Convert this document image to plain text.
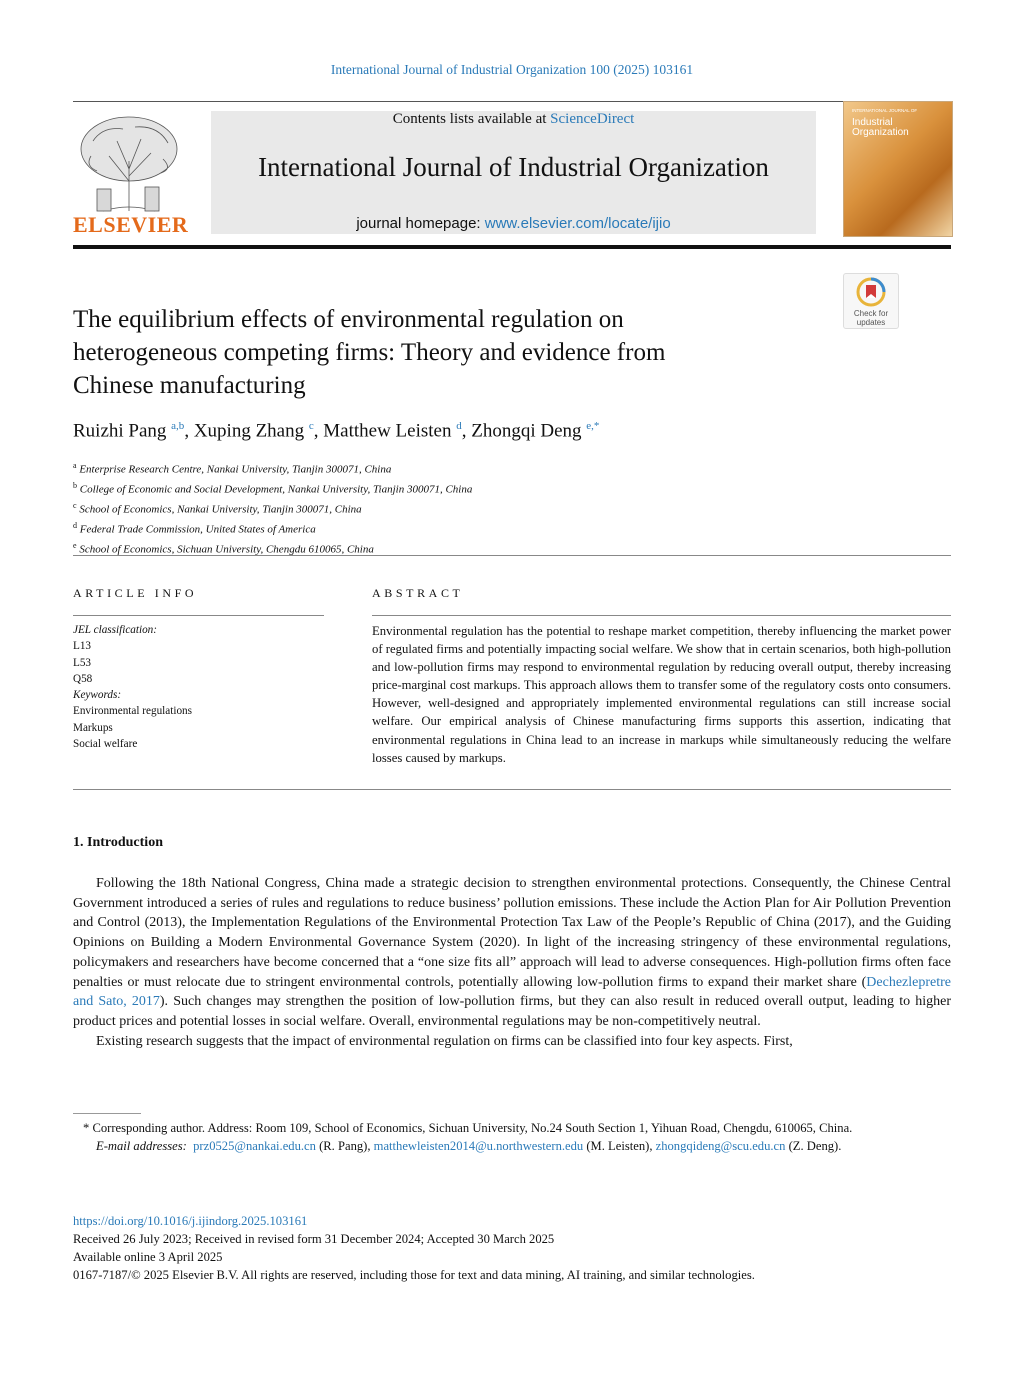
International Journal of Industrial Organization 100 (2025) 103161
ELSEVIER
Contents lists available at ScienceDirect
International Journal of Industrial Organization
journal homepage: www.elsevier.com/locate/ijio
INTERNATIONAL JOURNAL OF
Industrial
Organization
Check for
updates
The equilibrium effects of environmental regulation on
heterogeneous competing firms: Theory and evidence from
Chinese manufacturing
Ruizhi Pang $^{a,b}$, Xuping Zhang $^c$, Matthew Leisten $^d$, Zhongqi Deng $^{e,*}$
$^a$ Enterprise Research Centre, Nankai University, Tianjin 300071, China
$^b$ College of Economic and Social Development, Nankai University, Tianjin 300071, China
$^c$ School of Economics, Nankai University, Tianjin 300071, China
$^d$ Federal Trade Commission, United States of America
$^e$ School of Economics, Sichuan University, Chengdu 610065, China
ARTICLE INFO	ABSTRACT
JEL classification:
L13
L53
Q58
Keywords:
Environmental regulations
Markups
Social welfare
Environmental regulation has the potential to reshape market competition, thereby influencing the market power of regulated firms and potentially impacting social welfare. We show that in certain scenarios, both high-pollution and low-pollution firms may respond to environmental regulation by reducing overall output, thereby increasing price-marginal cost markups. This approach allows them to transfer some of the regulatory costs onto consumers. However, well-designed and appropriately implemented environmental regulations can still increase social welfare. Our empirical analysis of Chinese manufacturing firms supports this assertion, indicating that environmental regulations in China lead to an increase in markups while simultaneously reducing the welfare losses caused by markups.
1. Introduction

Following the 18th National Congress, China made a strategic decision to strengthen environmental protections. Consequently, the Chinese Central Government introduced a series of rules and regulations to reduce business’ pollution emissions. These include the Action Plan for Air Pollution Prevention and Control (2013), the Implementation Regulations of the Environmental Protection Tax Law of the People’s Republic of China (2017), and the Guiding Opinions on Building a Modern Environmental Governance System (2020). In light of the increasing stringency of these environmental regulations, policymakers and researchers have become concerned that a “one size fits all” approach will lead to adverse consequences. High-pollution firms often face penalties or must relocate due to stringent environmental controls, potentially allowing low-pollution firms to expand their market share (Dechezlepretre and Sato, 2017). Such changes may strengthen the position of low-pollution firms, but they can also result in reduced overall output, leading to higher product prices and potential losses in social welfare. Overall, environmental regulations may be non-competitively neutral.

Existing research suggests that the impact of environmental regulation on firms can be classified into four key aspects. First,

* Corresponding author. Address: Room 109, School of Economics, Sichuan University, No.24 South Section 1, Yihuan Road, Chengdu, 610065, China.

E-mail addresses: prz0525@nankai.edu.cn (R. Pang), matthewleisten2014@u.northwestern.edu (M. Leisten), zhongqideng@scu.edu.cn (Z. Deng).

https://doi.org/10.1016/j.ijindorg.2025.103161
Received 26 July 2023; Received in revised form 31 December 2024; Accepted 30 March 2025
Available online 3 April 2025
0167-7187/© 2025 Elsevier B.V. All rights are reserved, including those for text and data mining, AI training, and similar technologies.
